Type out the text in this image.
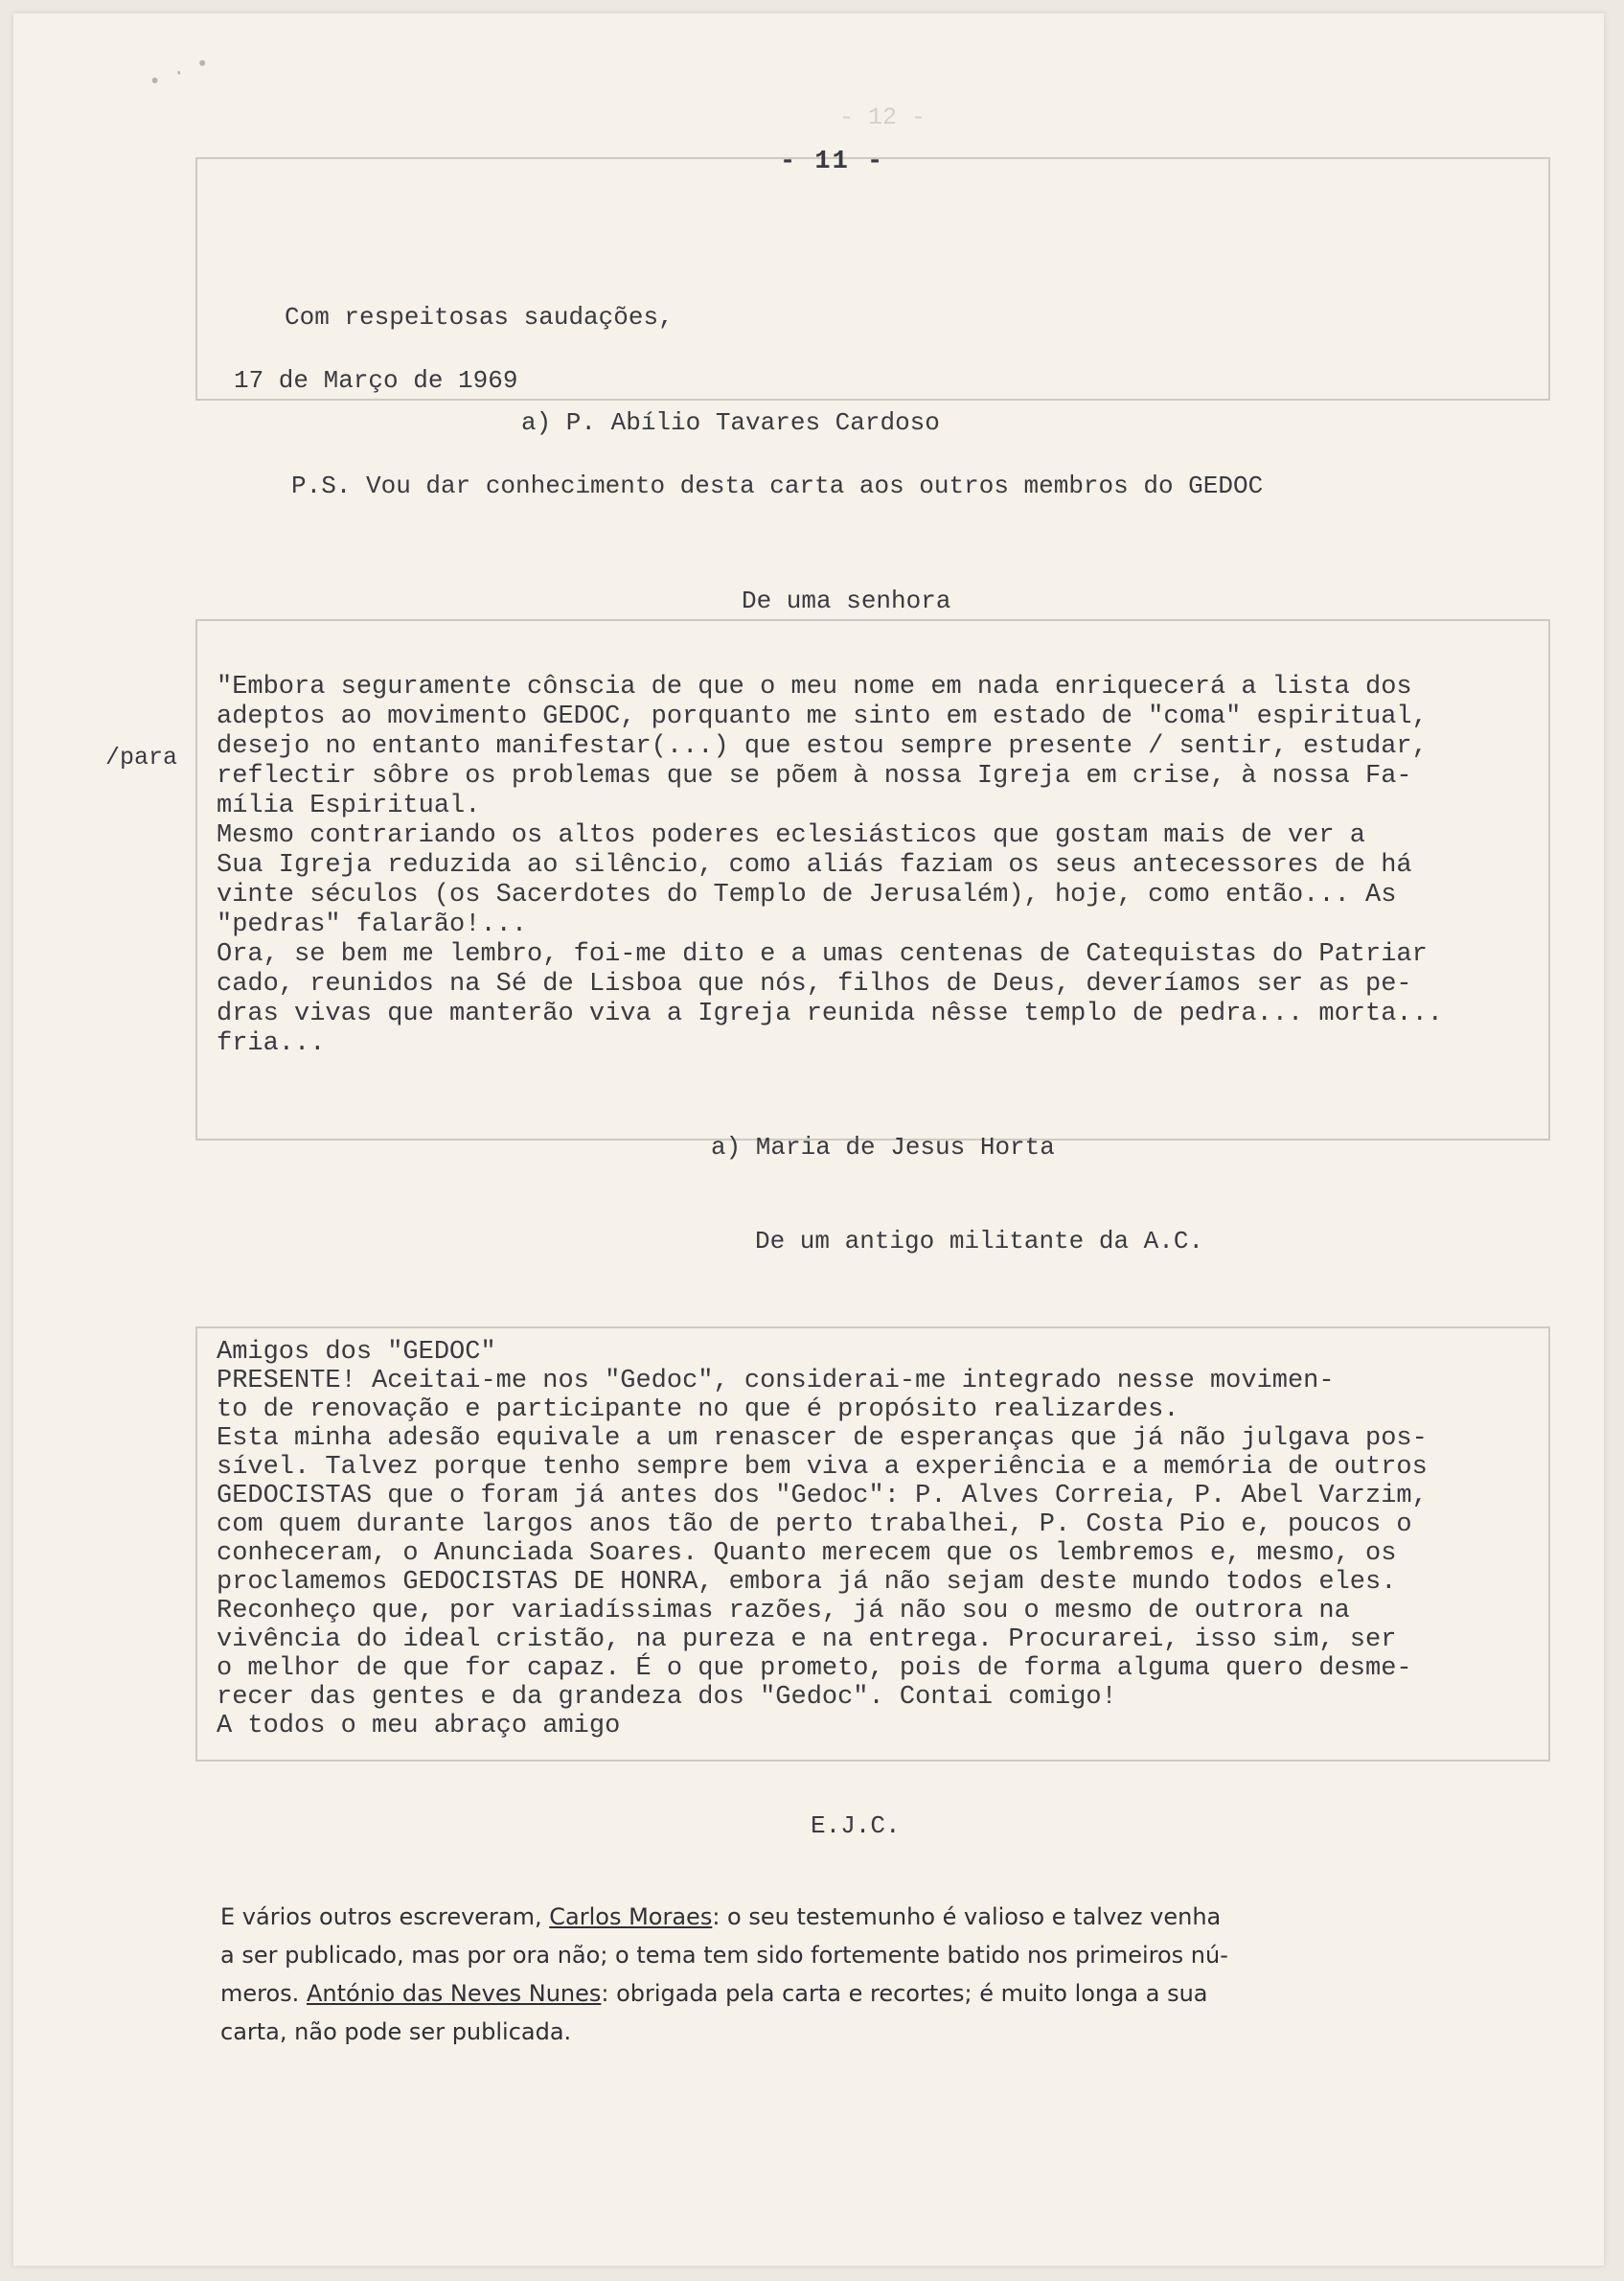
- 12 -
• · •
- 11 -
Com respeitosas saudações,
17 de Março de 1969
a) P. Abílio Tavares Cardoso
P.S. Vou dar conhecimento desta carta aos outros membros do GEDOC
De uma senhora
/para
"Embora seguramente cônscia de que o meu nome em nada enriquecerá a lista dos
adeptos ao movimento GEDOC, porquanto me sinto em estado de "coma" espiritual,
desejo no entanto manifestar(...) que estou sempre presente / sentir, estudar,
reflectir sôbre os problemas que se põem à nossa Igreja em crise, à nossa Fa-
mília Espiritual.
Mesmo contrariando os altos poderes eclesiásticos que gostam mais de ver a
Sua Igreja reduzida ao silêncio, como aliás faziam os seus antecessores de há
vinte séculos (os Sacerdotes do Templo de Jerusalém), hoje, como então... As
"pedras" falarão!...
Ora, se bem me lembro, foi-me dito e a umas centenas de Catequistas do Patriar
cado, reunidos na Sé de Lisboa que nós, filhos de Deus, deveríamos ser as pe-
dras vivas que manterão viva a Igreja reunida nêsse templo de pedra... morta...
fria...
a) Maria de Jesus Horta
De um antigo militante da A.C.
Amigos dos "GEDOC"
PRESENTE! Aceitai-me nos "Gedoc", considerai-me integrado nesse movimen-
to de renovação e participante no que é propósito realizardes.
Esta minha adesão equivale a um renascer de esperanças que já não julgava pos-
sível. Talvez porque tenho sempre bem viva a experiência e a memória de outros
GEDOCISTAS que o foram já antes dos "Gedoc": P. Alves Correia, P. Abel Varzim,
com quem durante largos anos tão de perto trabalhei, P. Costa Pio e, poucos o
conheceram, o Anunciada Soares. Quanto merecem que os lembremos e, mesmo, os
proclamemos GEDOCISTAS DE HONRA, embora já não sejam deste mundo todos eles.
Reconheço que, por variadíssimas razões, já não sou o mesmo de outrora na
vivência do ideal cristão, na pureza e na entrega. Procurarei, isso sim, ser
o melhor de que for capaz. É o que prometo, pois de forma alguma quero desme-
recer das gentes e da grandeza dos "Gedoc". Contai comigo!
A todos o meu abraço amigo
E.J.C.
E vários outros escreveram, Carlos Moraes: o seu testemunho é valioso e talvez venha
a ser publicado, mas por ora não; o tema tem sido fortemente batido nos primeiros nú-
meros. António das Neves Nunes: obrigada pela carta e recortes; é muito longa a sua
carta, não pode ser publicada.
